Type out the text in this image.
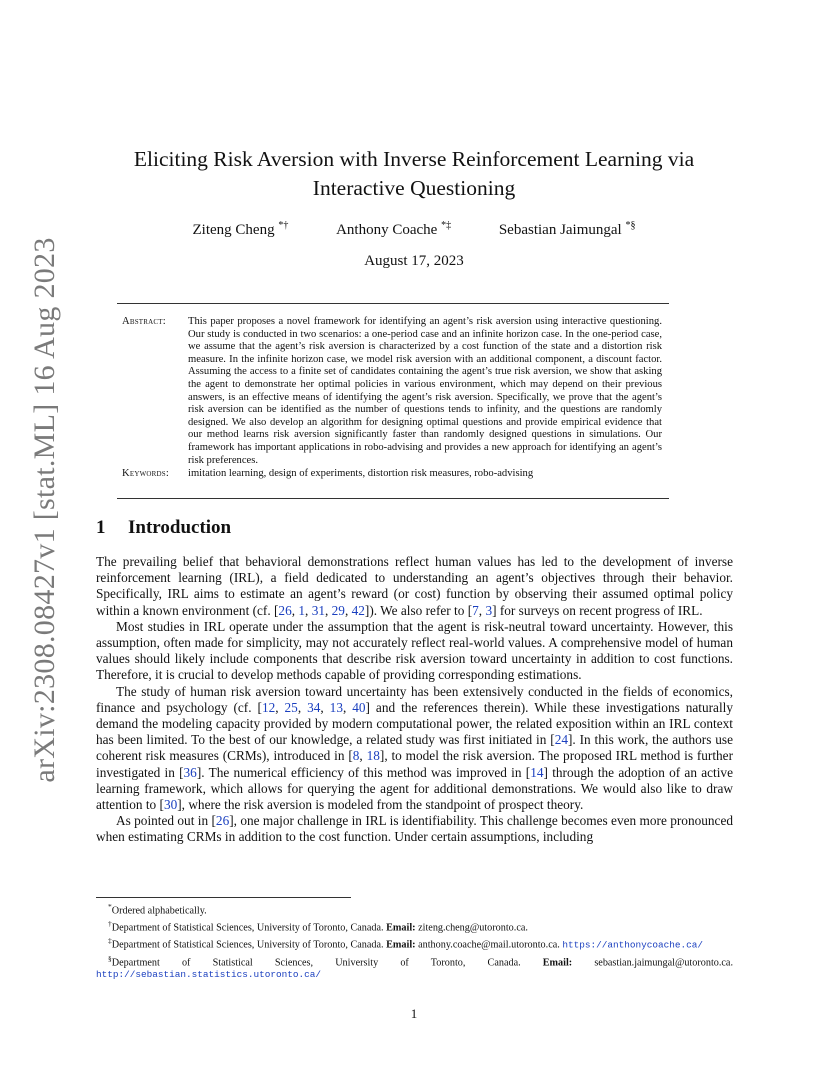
arXiv:2308.08427v1 [stat.ML] 16 Aug 2023
Eliciting Risk Aversion with Inverse Reinforcement Learning via
Interactive Questioning
Ziteng Cheng *†	Anthony Coache *‡	Sebastian Jaimungal *§
August 17, 2023
Abstract:	This paper proposes a novel framework for identifying an agent’s risk aversion using interactive questioning. Our study is conducted in two scenarios: a one-period case and an infinite horizon case. In the one-period case, we assume that the agent’s risk aversion is characterized by a cost function of the state and a distortion risk measure. In the infinite horizon case, we model risk aversion with an additional component, a discount factor. Assuming the access to a finite set of candidates containing the agent’s true risk aversion, we show that asking the agent to demonstrate her optimal policies in various environment, which may depend on their previous answers, is an effective means of identifying the agent’s risk aversion. Specifically, we prove that the agent’s risk aversion can be identified as the number of questions tends to infinity, and the questions are randomly designed. We also develop an algorithm for designing optimal questions and provide empirical evidence that our method learns risk aversion significantly faster than randomly designed questions in simulations. Our framework has important applications in robo-advising and provides a new approach for identifying an agent’s risk preferences.
Keywords:	imitation learning, design of experiments, distortion risk measures, robo-advising
1 Introduction

The prevailing belief that behavioral demonstrations reflect human values has led to the development of inverse reinforcement learning (IRL), a field dedicated to understanding an agent’s objectives through their behavior. Specifically, IRL aims to estimate an agent’s reward (or cost) function by observing their assumed optimal policy within a known environment (cf. [26, 1, 31, 29, 42]). We also refer to [7, 3] for surveys on recent progress of IRL.

Most studies in IRL operate under the assumption that the agent is risk-neutral toward uncertainty. However, this assumption, often made for simplicity, may not accurately reflect real-world values. A comprehensive model of human values should likely include components that describe risk aversion toward uncertainty in addition to cost functions. Therefore, it is crucial to develop methods capable of providing corresponding estimations.

The study of human risk aversion toward uncertainty has been extensively conducted in the fields of economics, finance and psychology (cf. [12, 25, 34, 13, 40] and the references therein). While these investigations naturally demand the modeling capacity provided by modern computational power, the related exposition within an IRL context has been limited. To the best of our knowledge, a related study was first initiated in [24]. In this work, the authors use coherent risk measures (CRMs), introduced in [8, 18], to model the risk aversion. The proposed IRL method is further investigated in [36]. The numerical efficiency of this method was improved in [14] through the adoption of an active learning framework, which allows for querying the agent for additional demonstrations. We would also like to draw attention to [30], where the risk aversion is modeled from the standpoint of prospect theory.

As pointed out in [26], one major challenge in IRL is identifiability. This challenge becomes even more pronounced when estimating CRMs in addition to the cost function. Under certain assumptions, including

*Ordered alphabetically.

†Department of Statistical Sciences, University of Toronto, Canada. Email: ziteng.cheng@utoronto.ca.

‡Department of Statistical Sciences, University of Toronto, Canada. Email: anthony.coache@mail.utoronto.ca. https://anthonycoache.ca/

§Department of Statistical Sciences, University of Toronto, Canada. Email: sebastian.jaimungal@utoronto.ca. http://sebastian.statistics.utoronto.ca/

1
